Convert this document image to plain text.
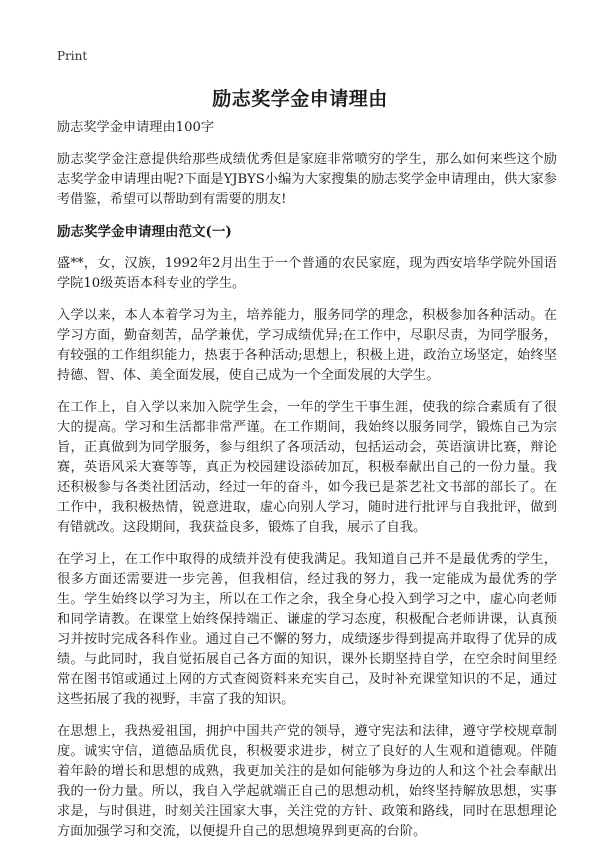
Print
励志奖学金申请理由

励志奖学金申请理由100字

励志奖学金注意提供给那些成绩优秀但是家庭非常喷穷的学生，那么如何来些这个励志奖学金申请理由呢?下面是YJBYS小编为大家搜集的励志奖学金申请理由，供大家参考借鉴，希望可以帮助到有需要的朋友!

励志奖学金申请理由范文(一)

盛**，女，汉族，1992年2月出生于一个普通的农民家庭，现为西安培华学院外国语学院10级英语本科专业的学生。

入学以来，本人本着学习为主，培养能力，服务同学的理念，积极参加各种活动。在学习方面，勤奋刻苦，品学兼优，学习成绩优异;在工作中，尽职尽责，为同学服务，有较强的工作组织能力，热衷于各种活动;思想上，积极上进，政治立场坚定，始终坚持德、智、体、美全面发展，使自己成为一个全面发展的大学生。

在工作上，自入学以来加入院学生会，一年的学生干事生涯，使我的综合素质有了很大的提高。学习和生活都非常严谨。在工作期间，我始终以服务同学，锻炼自己为宗旨，正真做到为同学服务，参与组织了各项活动，包括运动会，英语演讲比赛，辩论赛，英语风采大赛等等，真正为校园建设添砖加瓦，积极奉献出自己的一份力量。我还积极参与各类社团活动，经过一年的奋斗，如今我已是茶艺社文书部的部长了。在工作中，我积极热情，锐意进取，虚心向别人学习，随时进行批评与自我批评，做到有错就改。这段期间，我获益良多，锻炼了自我，展示了自我。

在学习上，在工作中取得的成绩并没有使我满足。我知道自己并不是最优秀的学生，很多方面还需要进一步完善，但我相信，经过我的努力，我一定能成为最优秀的学生。学生始终以学习为主，所以在工作之余，我全身心投入到学习之中，虚心向老师和同学请教。在课堂上始终保持端正、谦虚的学习态度，积极配合老师讲课，认真预习并按时完成各科作业。通过自己不懈的努力，成绩逐步得到提高并取得了优异的成绩。与此同时，我自觉拓展自己各方面的知识，课外长期坚持自学，在空余时间里经常在图书馆或通过上网的方式查阅资料来充实自己，及时补充课堂知识的不足，通过这些拓展了我的视野，丰富了我的知识。

在思想上，我热爱祖国，拥护中国共产党的领导，遵守宪法和法律，遵守学校规章制度。诚实守信，道德品质优良，积极要求进步，树立了良好的人生观和道德观。伴随着年龄的增长和思想的成熟，我更加关注的是如何能够为身边的人和这个社会奉献出我的一份力量。所以，我自入学起就端正自己的思想动机，始终坚持解放思想，实事求是，与时俱进，时刻关注国家大事，关注党的方针、政策和路线，同时在思想理论方面加强学习和交流，以便提升自己的思想境界到更高的台阶。
